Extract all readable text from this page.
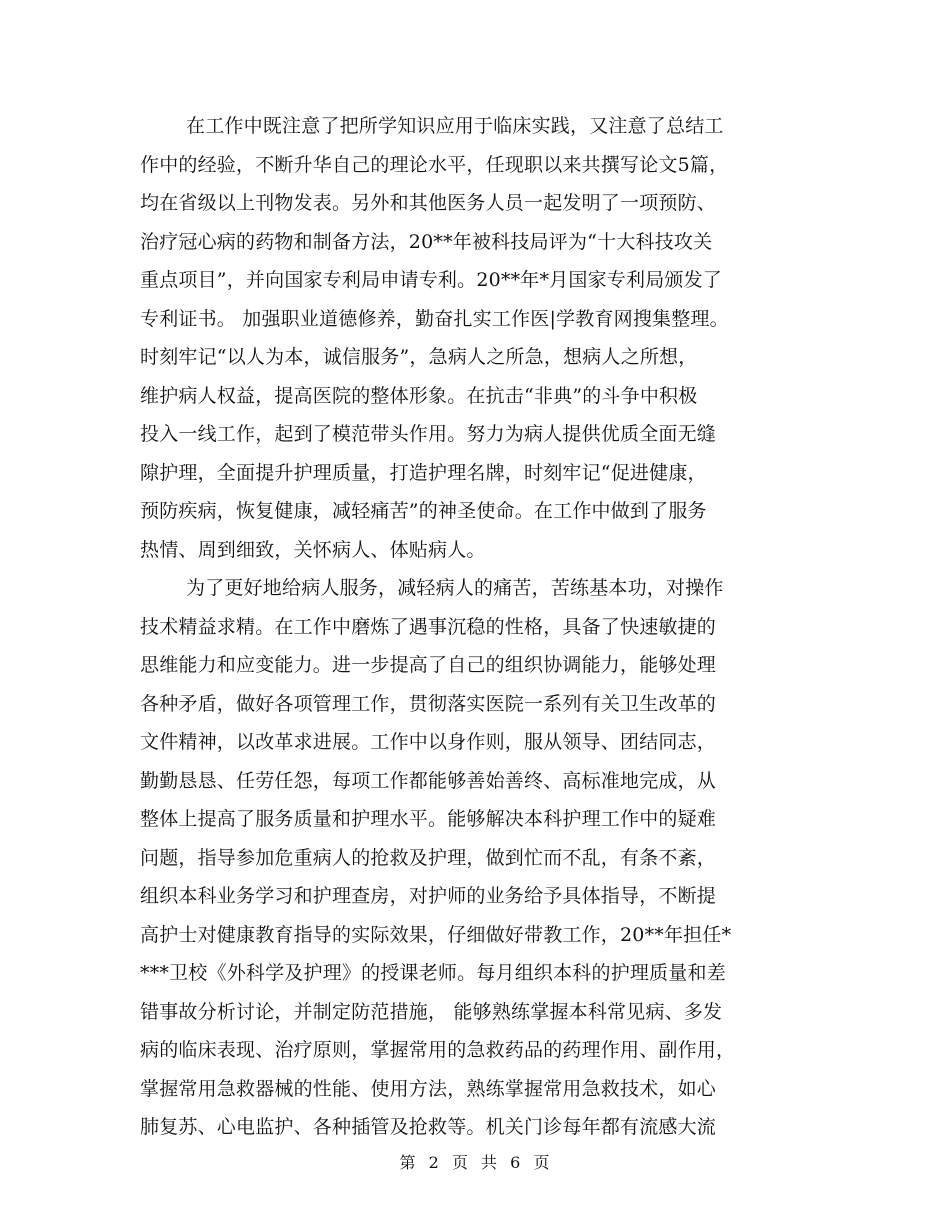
在工作中既注意了把所学知识应用于临床实践，又注意了总结工
作中的经验，不断升华自己的理论水平，任现职以来共撰写论文5篇，
均在省级以上刊物发表。另外和其他医务人员一起发明了一项预防、
治疗冠心病的药物和制备方法，20**年被科技局评为“十大科技攻关
重点项目”，并向国家专利局申请专利。20**年*月国家专利局颁发了
专利证书。 加强职业道德修养，勤奋扎实工作医|学教育网搜集整理。
时刻牢记“以人为本，诚信服务”，急病人之所急，想病人之所想，
维护病人权益，提高医院的整体形象。在抗击“非典”的斗争中积极
投入一线工作，起到了模范带头作用。努力为病人提供优质全面无缝
隙护理，全面提升护理质量，打造护理名牌，时刻牢记“促进健康，
预防疾病，恢复健康，减轻痛苦”的神圣使命。在工作中做到了服务
热情、周到细致，关怀病人、体贴病人。
为了更好地给病人服务，减轻病人的痛苦，苦练基本功，对操作
技术精益求精。在工作中磨炼了遇事沉稳的性格，具备了快速敏捷的
思维能力和应变能力。进一步提高了自己的组织协调能力，能够处理
各种矛盾，做好各项管理工作，贯彻落实医院一系列有关卫生改革的
文件精神，以改革求进展。工作中以身作则，服从领导、团结同志，
勤勤恳恳、任劳任怨，每项工作都能够善始善终、高标准地完成，从
整体上提高了服务质量和护理水平。能够解决本科护理工作中的疑难
问题，指导参加危重病人的抢救及护理，做到忙而不乱，有条不紊，
组织本科业务学习和护理查房，对护师的业务给予具体指导，不断提
高护士对健康教育指导的实际效果，仔细做好带教工作，20**年担任*
***卫校《外科学及护理》的授课老师。每月组织本科的护理质量和差
错事故分析讨论，并制定防范措施， 能够熟练掌握本科常见病、多发
病的临床表现、治疗原则，掌握常用的急救药品的药理作用、副作用，
掌握常用急救器械的性能、使用方法，熟练掌握常用急救技术，如心
肺复苏、心电监护、各种插管及抢救等。机关门诊每年都有流感大流
第 2 页 共 6 页
